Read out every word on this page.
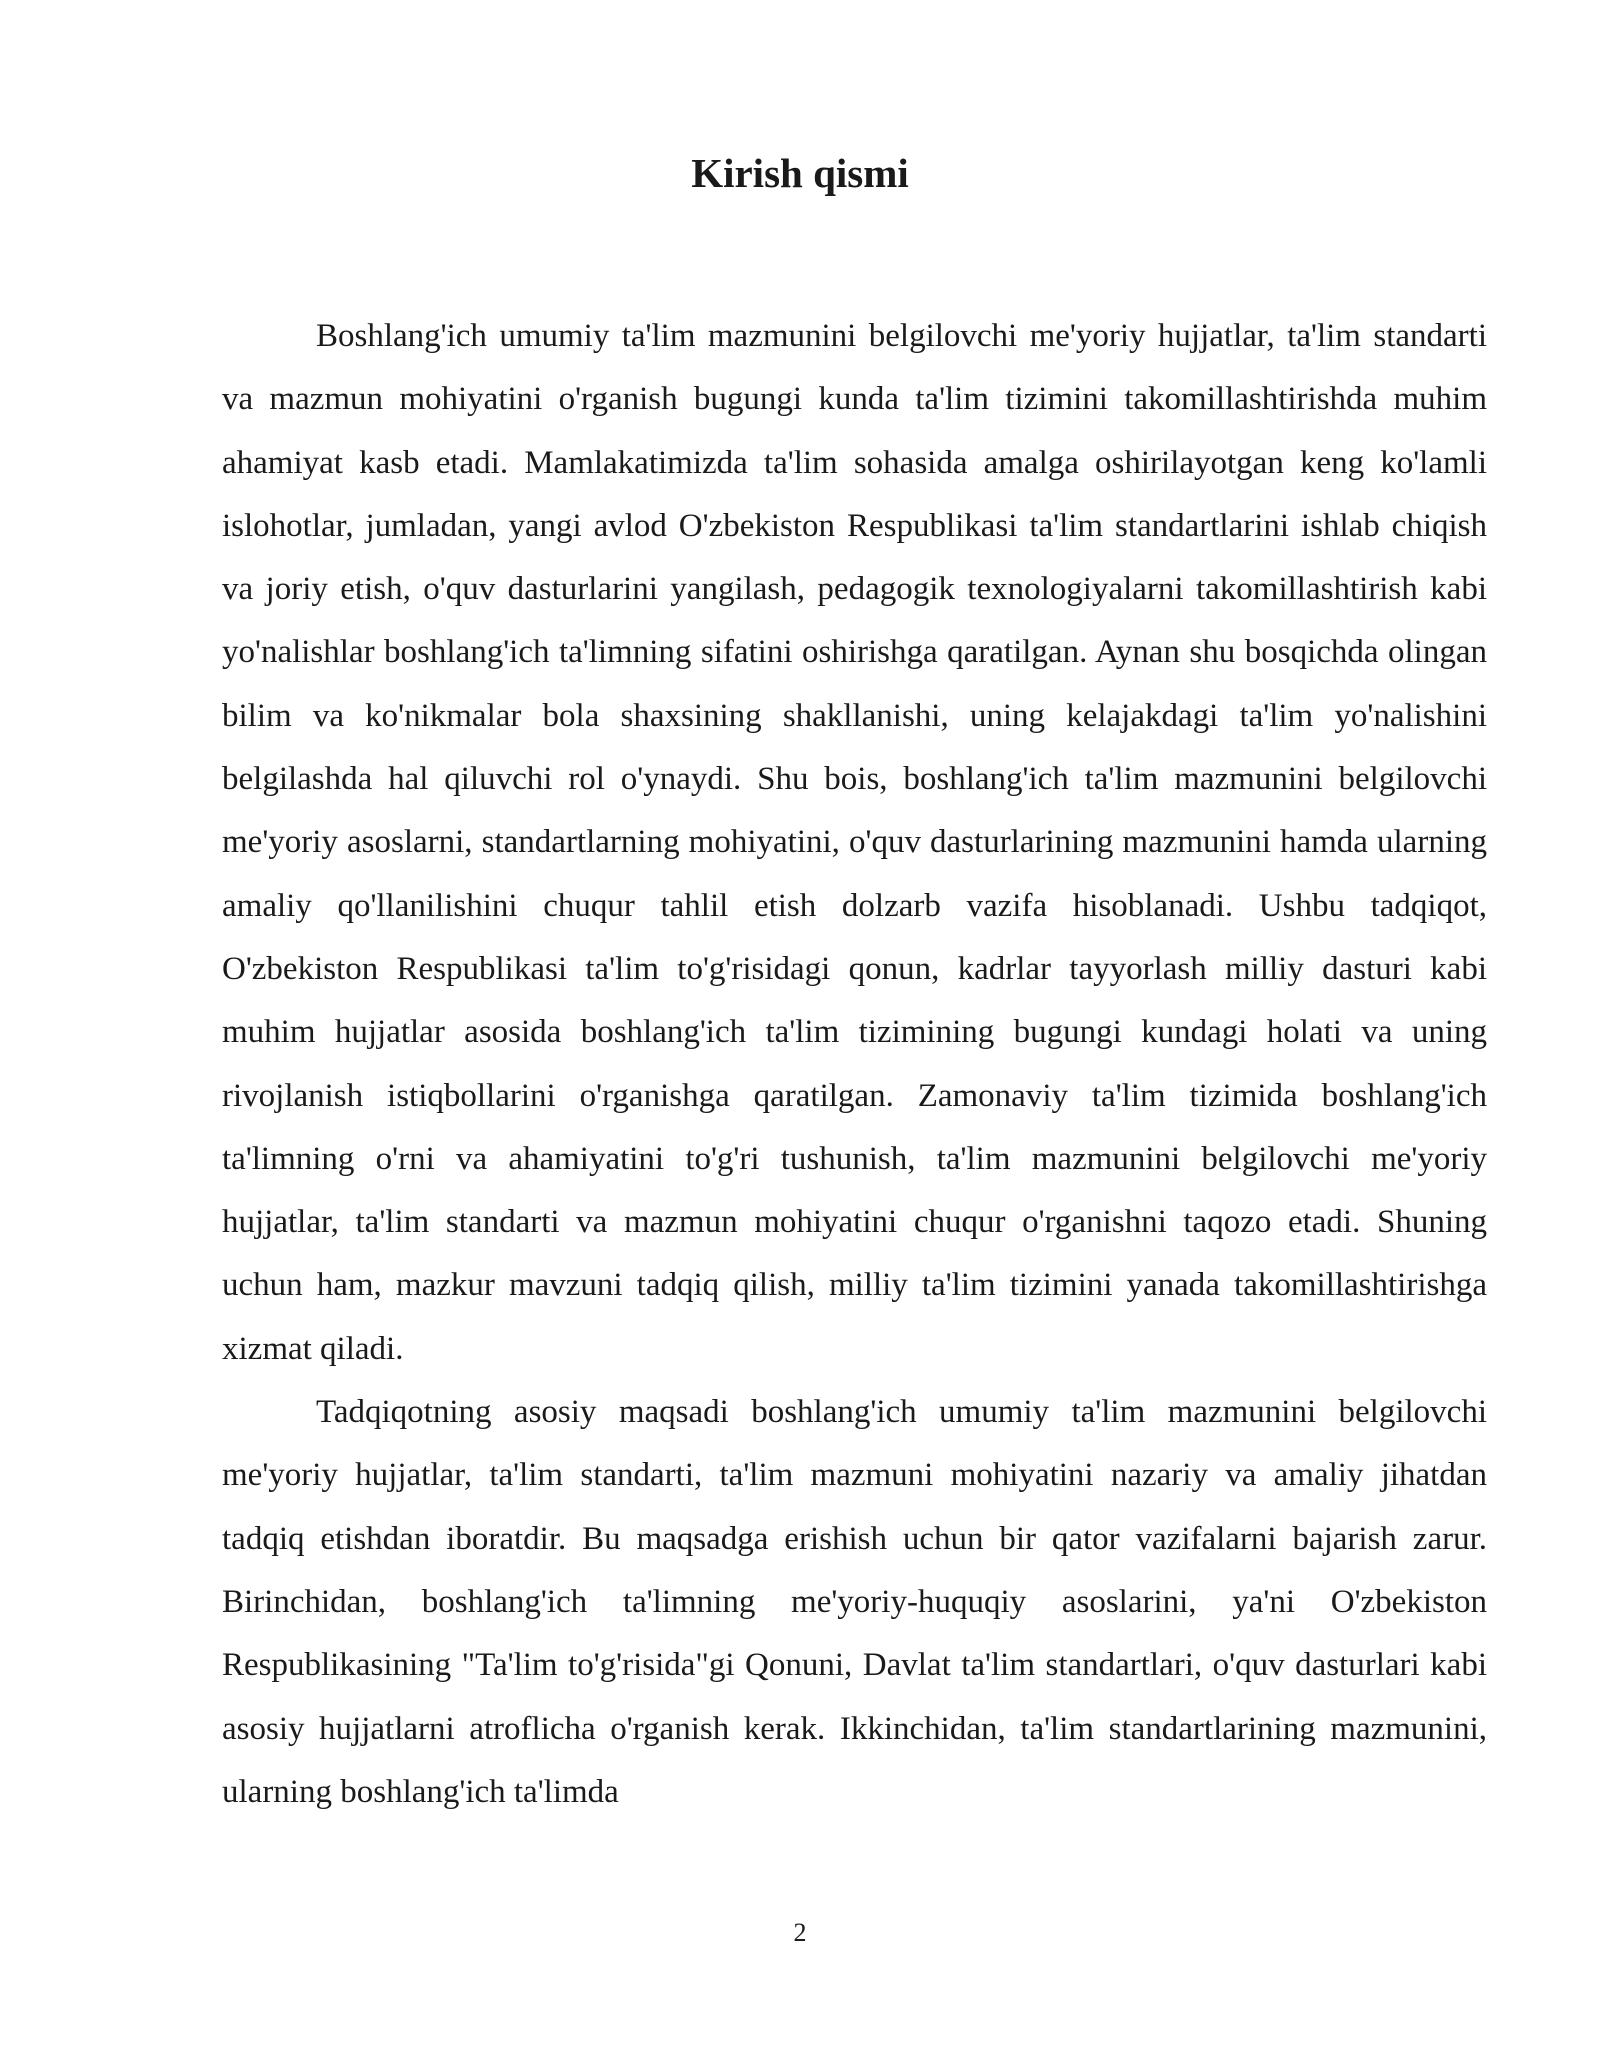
Kirish qismi

Boshlang'ich umumiy ta'lim mazmunini belgilovchi me'yoriy hujjatlar, ta'lim standarti va mazmun mohiyatini o'rganish bugungi kunda ta'lim tizimini takomillashtirishda muhim ahamiyat kasb etadi. Mamlakatimizda ta'lim sohasida amalga oshirilayotgan keng ko'lamli islohotlar, jumladan, yangi avlod O'zbekiston Respublikasi ta'lim standartlarini ishlab chiqish va joriy etish, o'quv dasturlarini yangilash, pedagogik texnologiyalarni takomillashtirish kabi yo'nalishlar boshlang'ich ta'limning sifatini oshirishga qaratilgan. Aynan shu bosqichda olingan bilim va ko'nikmalar bola shaxsining shakllanishi, uning kelajakdagi ta'lim yo'nalishini belgilashda hal qiluvchi rol o'ynaydi. Shu bois, boshlang'ich ta'lim mazmunini belgilovchi me'yoriy asoslarni, standartlarning mohiyatini, o'quv dasturlarining mazmunini hamda ularning amaliy qo'llanilishini chuqur tahlil etish dolzarb vazifa hisoblanadi. Ushbu tadqiqot, O'zbekiston Respublikasi ta'lim to'g'risidagi qonun, kadrlar tayyorlash milliy dasturi kabi muhim hujjatlar asosida boshlang'ich ta'lim tizimining bugungi kundagi holati va uning rivojlanish istiqbollarini o'rganishga qaratilgan. Zamonaviy ta'lim tizimida boshlang'ich ta'limning o'rni va ahamiyatini to'g'ri tushunish, ta'lim mazmunini belgilovchi me'yoriy hujjatlar, ta'lim standarti va mazmun mohiyatini chuqur o'rganishni taqozo etadi. Shuning uchun ham, mazkur mavzuni tadqiq qilish, milliy ta'lim tizimini yanada takomillashtirishga xizmat qiladi.

Tadqiqotning asosiy maqsadi boshlang'ich umumiy ta'lim mazmunini belgilovchi me'yoriy hujjatlar, ta'lim standarti, ta'lim mazmuni mohiyatini nazariy va amaliy jihatdan tadqiq etishdan iboratdir. Bu maqsadga erishish uchun bir qator vazifalarni bajarish zarur. Birinchidan, boshlang'ich ta'limning me'yoriy-huquqiy asoslarini, ya'ni O'zbekiston Respublikasining "Ta'lim to'g'risida"gi Qonuni, Davlat ta'lim standartlari, o'quv dasturlari kabi asosiy hujjatlarni atroflicha o'rganish kerak. Ikkinchidan, ta'lim standartlarining mazmunini, ularning boshlang'ich ta'limda

2
